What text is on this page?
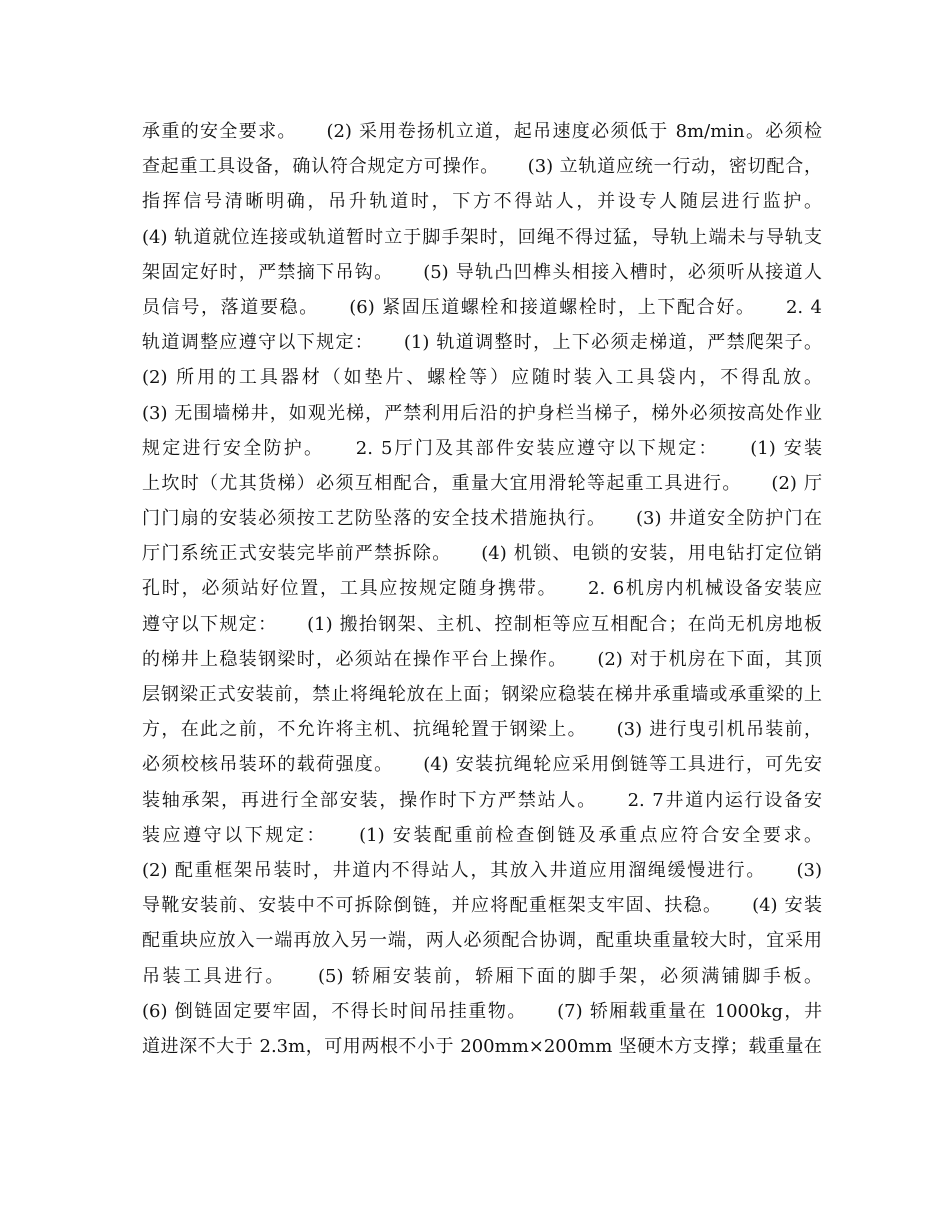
承重的安全要求。　　(2) 采用卷扬机立道，起吊速度必须低于 8m/min。必须检
查起重工具设备，确认符合规定方可操作。　　(3) 立轨道应统一行动，密切配合，
指挥信号清晰明确，吊升轨道时，下方不得站人，并设专人随层进行监护。
(4) 轨道就位连接或轨道暂时立于脚手架时，回绳不得过猛，导轨上端未与导轨支
架固定好时，严禁摘下吊钩。　　(5) 导轨凸凹榫头相接入槽时，必须听从接道人
员信号，落道要稳。　　(6) 紧固压道螺栓和接道螺栓时，上下配合好。　　2. 4
轨道调整应遵守以下规定：　　(1) 轨道调整时，上下必须走梯道，严禁爬架子。
(2) 所用的工具器材（如垫片、螺栓等）应随时装入工具袋内，不得乱放。
(3) 无围墙梯井，如观光梯，严禁利用后沿的护身栏当梯子，梯外必须按高处作业
规定进行安全防护。　　2. 5厅门及其部件安装应遵守以下规定：　　(1) 安装
上坎时（尤其货梯）必须互相配合，重量大宜用滑轮等起重工具进行。　　(2) 厅
门门扇的安装必须按工艺防坠落的安全技术措施执行。　　(3) 井道安全防护门在
厅门系统正式安装完毕前严禁拆除。　　(4) 机锁、电锁的安装，用电钻打定位销
孔时，必须站好位置，工具应按规定随身携带。　　2. 6机房内机械设备安装应
遵守以下规定：　　(1) 搬抬钢架、主机、控制柜等应互相配合；在尚无机房地板
的梯井上稳装钢梁时，必须站在操作平台上操作。　　(2) 对于机房在下面，其顶
层钢梁正式安装前，禁止将绳轮放在上面；钢梁应稳装在梯井承重墙或承重梁的上
方，在此之前，不允许将主机、抗绳轮置于钢梁上。　　(3) 进行曳引机吊装前，
必须校核吊装环的载荷强度。　　(4) 安装抗绳轮应采用倒链等工具进行，可先安
装轴承架，再进行全部安装，操作时下方严禁站人。　　2. 7井道内运行设备安
装应遵守以下规定：　　(1) 安装配重前检查倒链及承重点应符合安全要求。
(2) 配重框架吊装时，井道内不得站人，其放入井道应用溜绳缓慢进行。　　(3)
导靴安装前、安装中不可拆除倒链，并应将配重框架支牢固、扶稳。　　(4) 安装
配重块应放入一端再放入另一端，两人必须配合协调，配重块重量较大时，宜采用
吊装工具进行。　　(5) 轿厢安装前，轿厢下面的脚手架，必须满铺脚手板。
(6) 倒链固定要牢固，不得长时间吊挂重物。　　(7) 轿厢载重量在 1000kg，井
道进深不大于 2.3m，可用两根不小于 200mm×200mm 坚硬木方支撑；载重量在
